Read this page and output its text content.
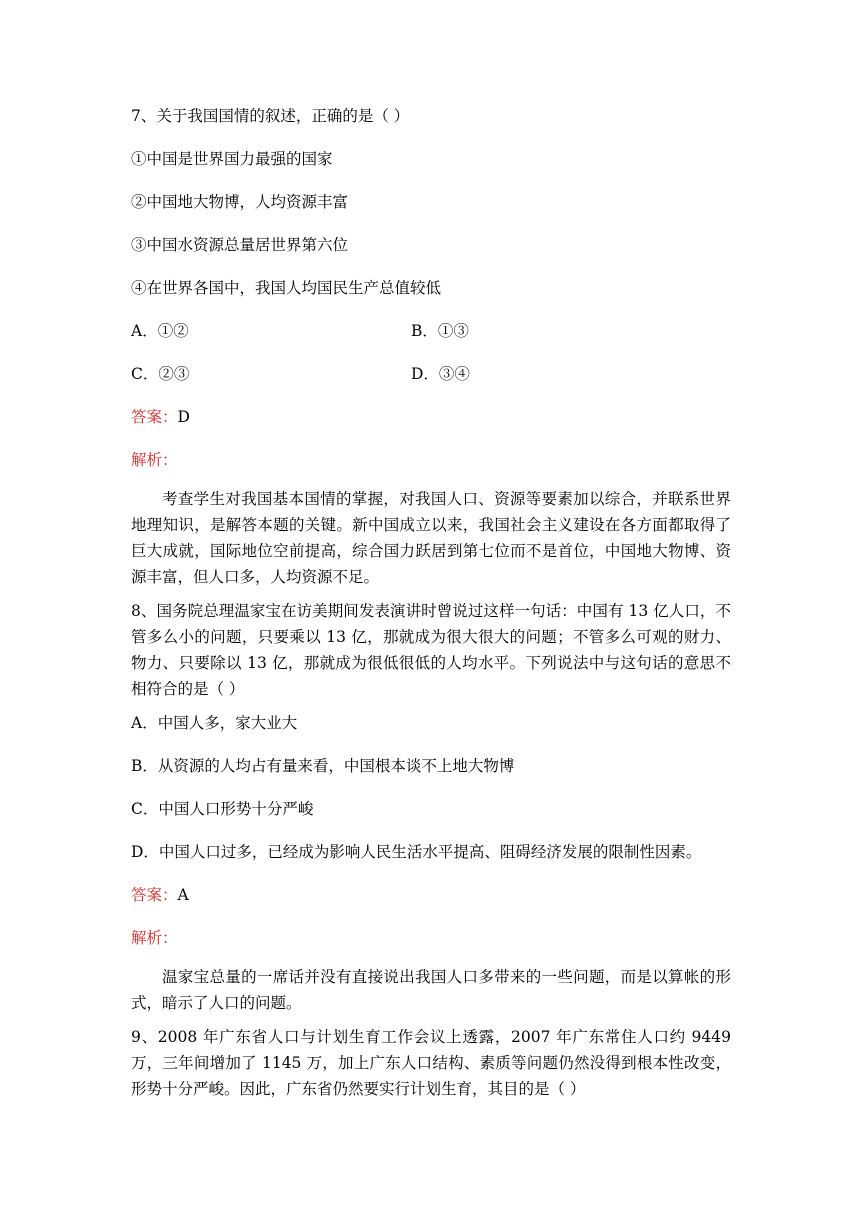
7、关于我国国情的叙述，正确的是（ ）
①中国是世界国力最强的国家
②中国地大物博，人均资源丰富
③中国水资源总量居世界第六位
④在世界各国中，我国人均国民生产总值较低
A．①②	B．①③
C．②③	D．③④
答案：D
解析：

考查学生对我国基本国情的掌握，对我国人口、资源等要素加以综合，并联系世界地理知识，是解答本题的关键。新中国成立以来，我国社会主义建设在各方面都取得了巨大成就，国际地位空前提高，综合国力跃居到第七位而不是首位，中国地大物博、资源丰富，但人口多，人均资源不足。

8、国务院总理温家宝在访美期间发表演讲时曾说过这样一句话：中国有 13 亿人口，不管多么小的问题，只要乘以 13 亿，那就成为很大很大的问题；不管多么可观的财力、物力、只要除以 13 亿，那就成为很低很低的人均水平。下列说法中与这句话的意思不相符合的是（ ）

A．中国人多，家大业大
B．从资源的人均占有量来看，中国根本谈不上地大物博
C．中国人口形势十分严峻
D．中国人口过多，已经成为影响人民生活水平提高、阻碍经济发展的限制性因素。
答案：A
解析：

温家宝总量的一席话并没有直接说出我国人口多带来的一些问题，而是以算帐的形式，暗示了人口的问题。

9、2008 年广东省人口与计划生育工作会议上透露，2007 年广东常住人口约 9449 万，三年间增加了 1145 万，加上广东人口结构、素质等问题仍然没得到根本性改变，形势十分严峻。因此，广东省仍然要实行计划生育，其目的是（ ）
